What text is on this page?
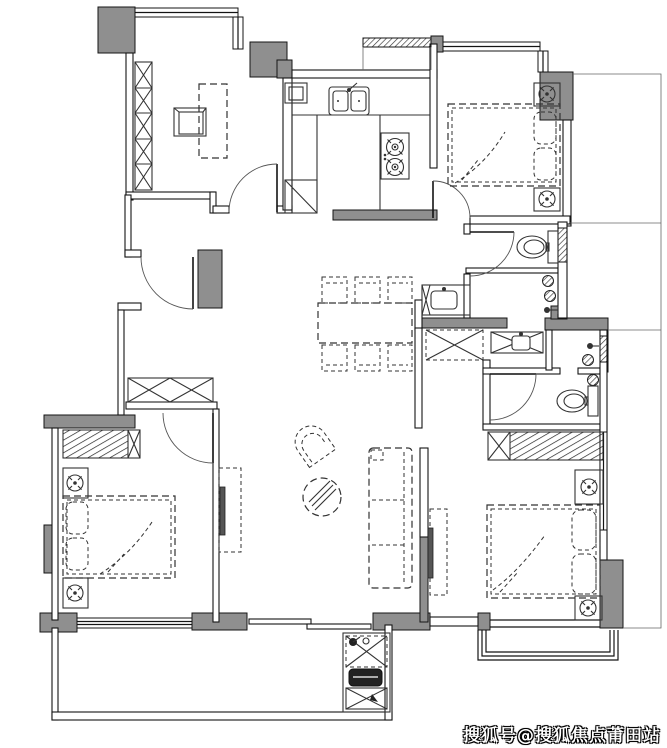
搜狐号@搜狐焦点莆田站
